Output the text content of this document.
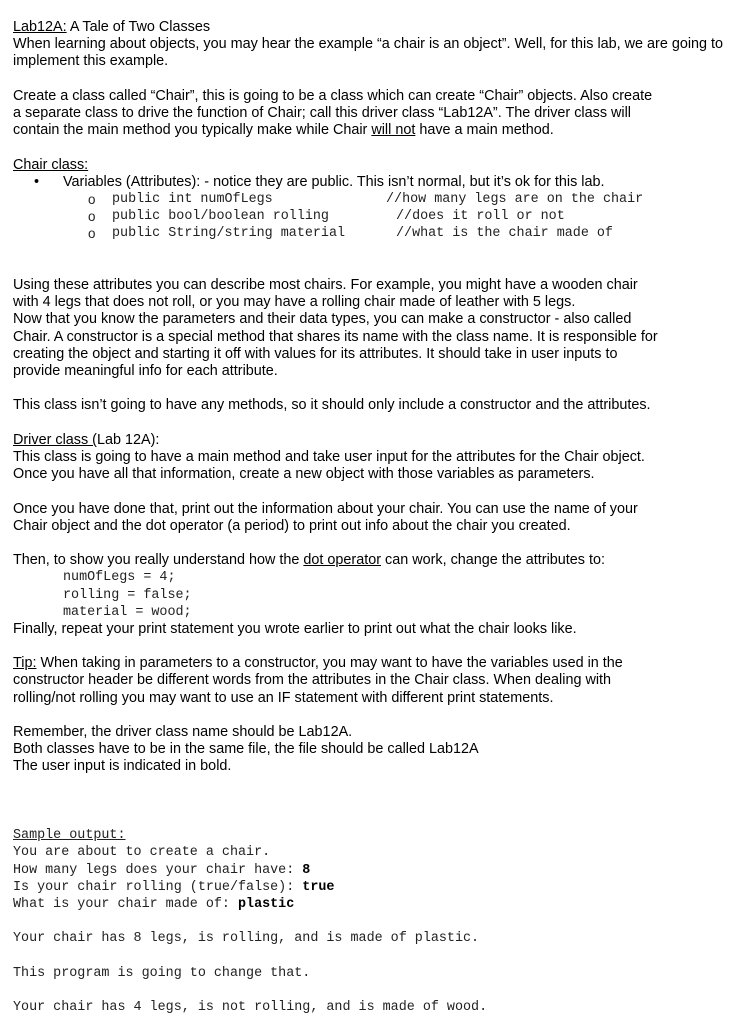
Lab12A: A Tale of Two Classes

When learning about objects, you may hear the example “a chair is an object”. Well, for this lab, we are going to implement this example.

Create a class called “Chair”, this is going to be a class which can create “Chair” objects. Also create

a separate class to drive the function of Chair; call this driver class “Lab12A”. The driver class will

contain the main method you typically make while Chair will not have a main method.

Chair class:

• Variables (Attributes): - notice they are public. This isn’t normal, but it’s ok for this lab.

o public int numOfLegs	//how many legs are on the chair
o public bool/boolean rolling	//does it roll or not
o public String/string material	//what is the chair made of

Using these attributes you can describe most chairs. For example, you might have a wooden chair

with 4 legs that does not roll, or you may have a rolling chair made of leather with 5 legs.

Now that you know the parameters and their data types, you can make a constructor - also called

Chair. A constructor is a special method that shares its name with the class name. It is responsible for

creating the object and starting it off with values for its attributes. It should take in user inputs to

provide meaningful info for each attribute.

This class isn’t going to have any methods, so it should only include a constructor and the attributes.

Driver class (Lab 12A):

This class is going to have a main method and take user input for the attributes for the Chair object.

Once you have all that information, create a new object with those variables as parameters.

Once you have done that, print out the information about your chair. You can use the name of your

Chair object and the dot operator (a period) to print out info about the chair you created.

Then, to show you really understand how the dot operator can work, change the attributes to:

numOfLegs = 4;
rolling = false;
material = wood;

Finally, repeat your print statement you wrote earlier to print out what the chair looks like.

Tip: When taking in parameters to a constructor, you may want to have the variables used in the

constructor header be different words from the attributes in the Chair class. When dealing with

rolling/not rolling you may want to use an IF statement with different print statements.

Remember, the driver class name should be Lab12A.

Both classes have to be in the same file, the file should be called Lab12A

The user input is indicated in bold.

Sample output:
You are about to create a chair.
How many legs does your chair have: 8
Is your chair rolling (true/false): true
What is your chair made of: plastic
Your chair has 8 legs, is rolling, and is made of plastic.
This program is going to change that.
Your chair has 4 legs, is not rolling, and is made of wood.
